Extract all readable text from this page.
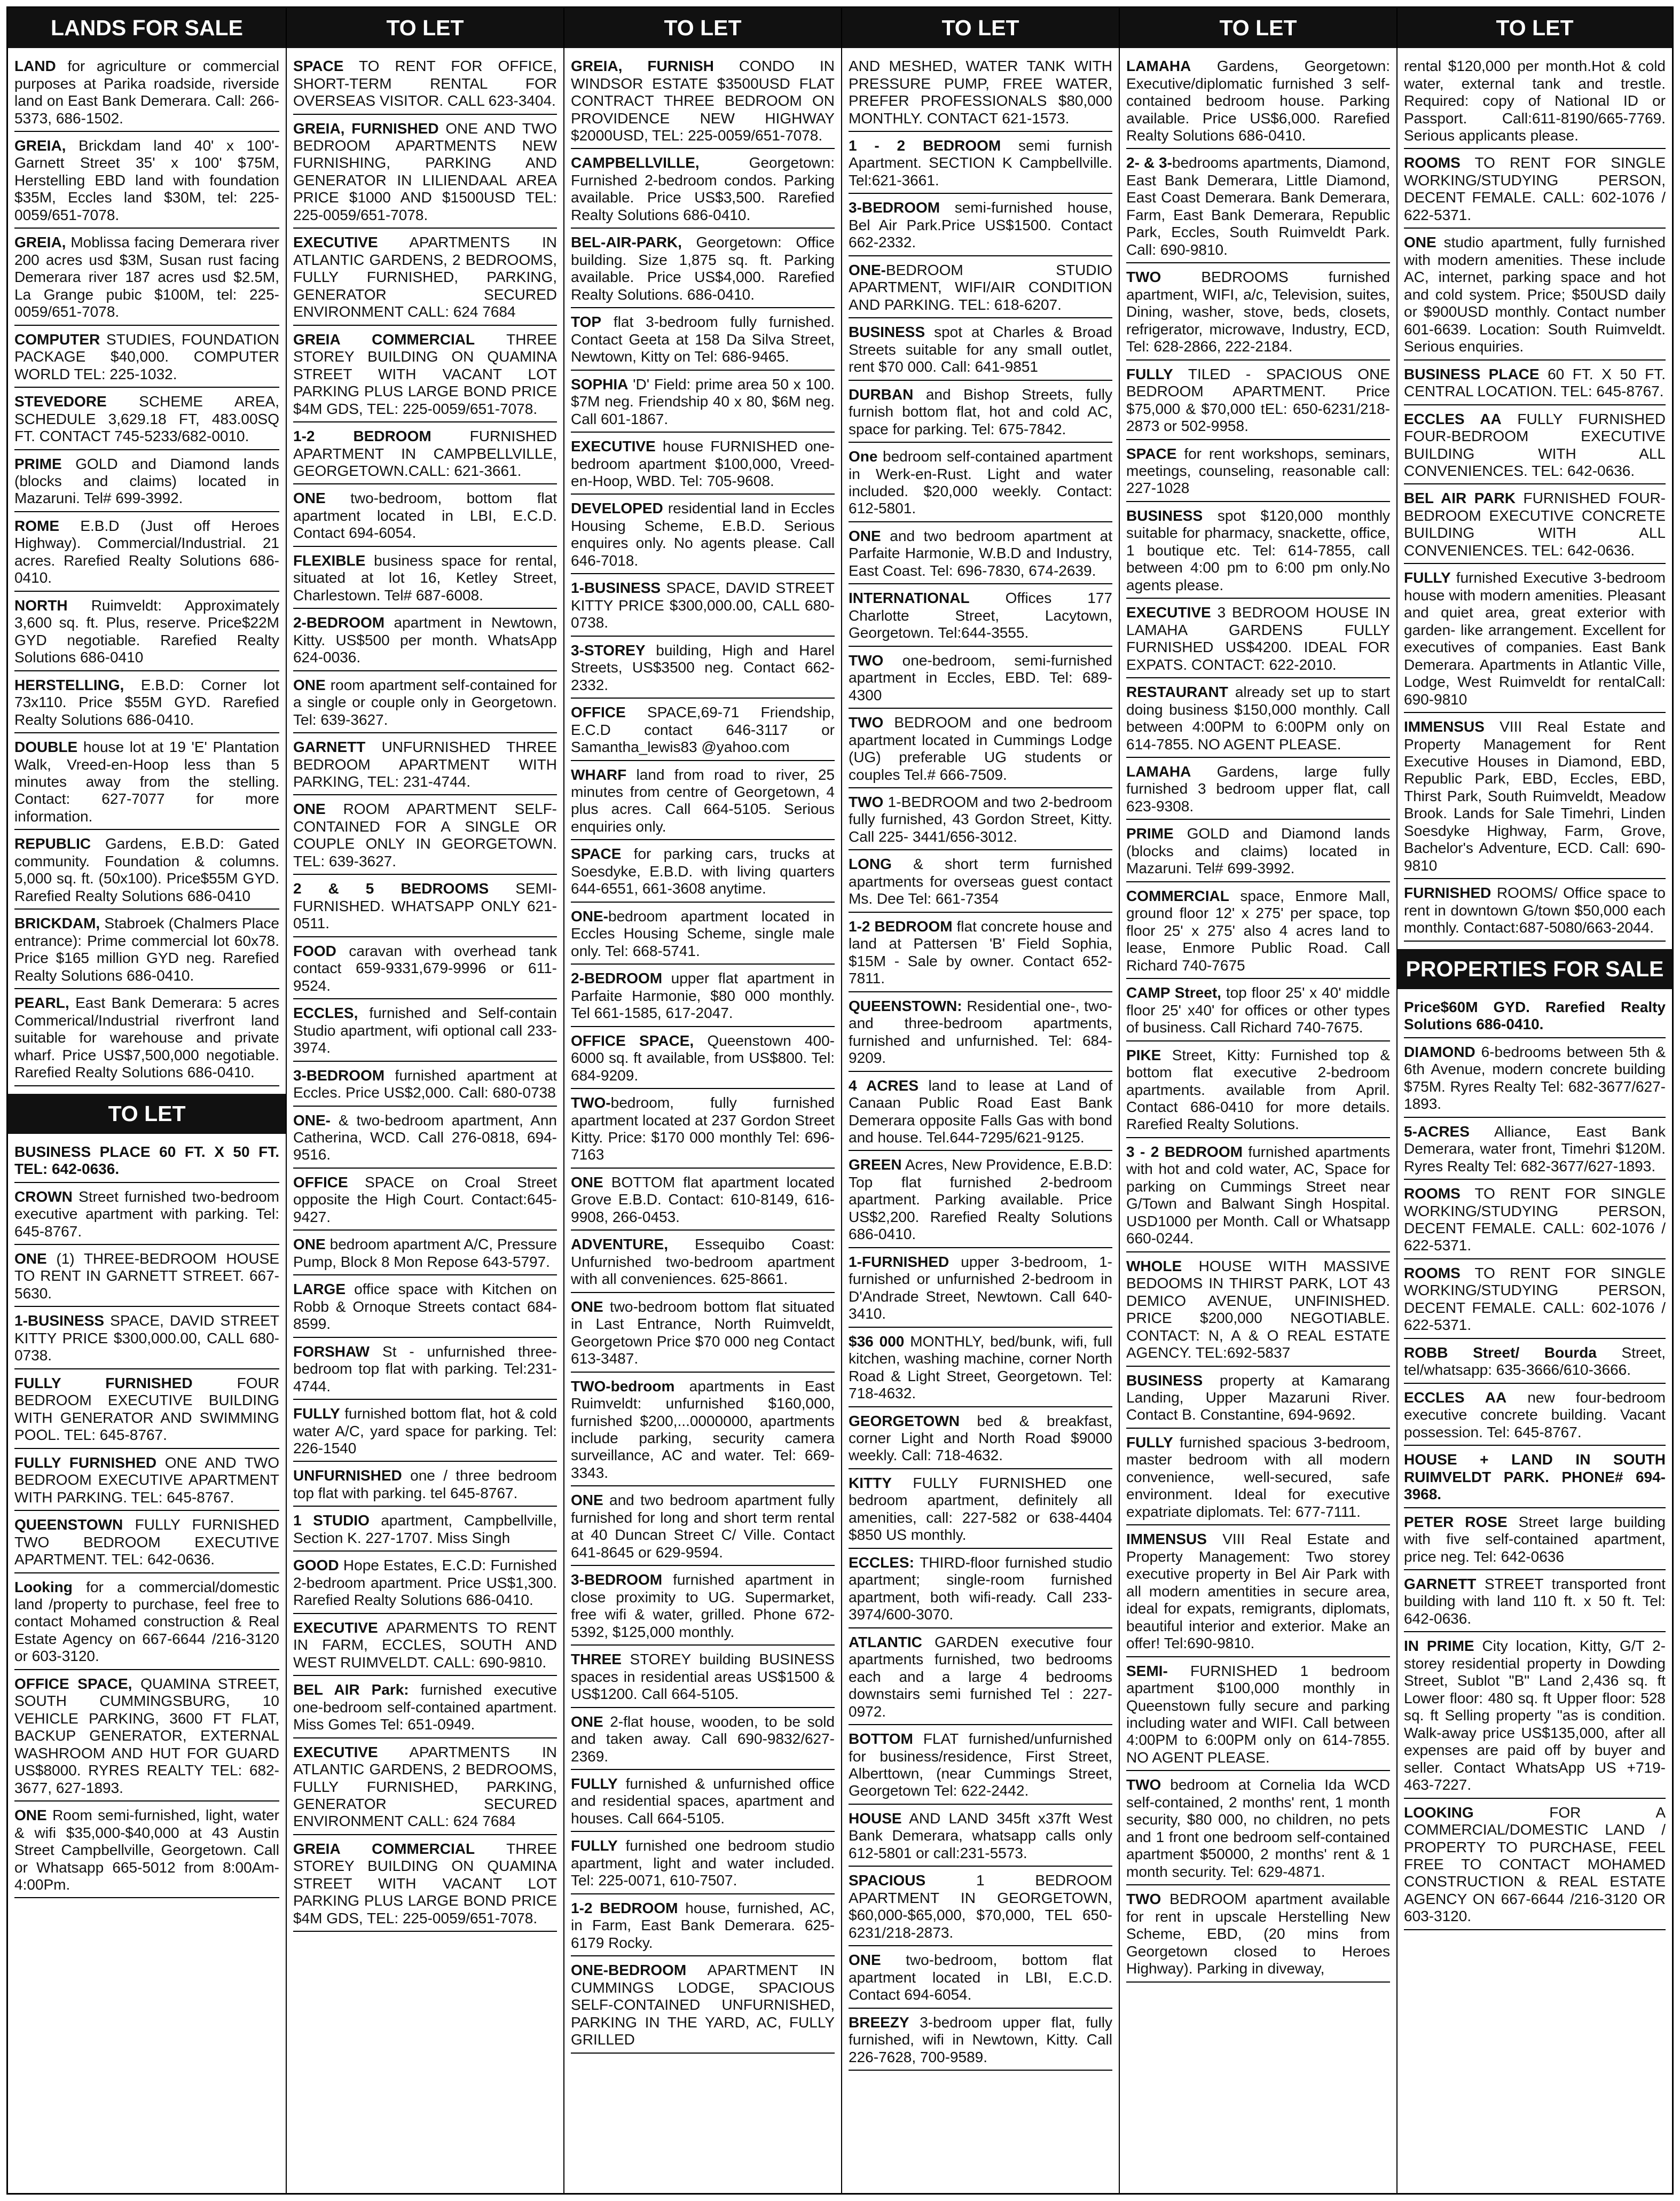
LANDS FOR SALE
LAND for agriculture or commercial purposes at Parika roadside, riverside land on East Bank Demerara. Call: 266-5373, 686-1502.
GREIA, Brickdam land 40' x 100'-Garnett Street 35' x 100' $75M, Herstelling EBD land with foundation $35M, Eccles land $30M, tel: 225-0059/651-7078.
GREIA, Moblissa facing Demerara river 200 acres usd $3M, Susan rust facing Demerara river 187 acres usd $2.5M, La Grange pubic $100M, tel: 225-0059/651-7078.
COMPUTER STUDIES, FOUNDATION PACKAGE $40,000. COMPUTER WORLD TEL: 225-1032.
STEVEDORE SCHEME AREA, SCHEDULE 3,629.18 FT, 483.00SQ FT. CONTACT 745-5233/682-0010.
PRIME GOLD and Diamond lands (blocks and claims) located in Mazaruni. Tel# 699-3992.
ROME E.B.D (Just off Heroes Highway). Commercial/Industrial. 21 acres. Rarefied Realty Solutions 686-0410.
NORTH Ruimveldt: Approximately 3,600 sq. ft. Plus, reserve. Price$22M GYD negotiable. Rarefied Realty Solutions 686-0410
HERSTELLING, E.B.D: Corner lot 73x110. Price $55M GYD. Rarefied Realty Solutions 686-0410.
DOUBLE house lot at 19 'E' Plantation Walk, Vreed-en-Hoop less than 5 minutes away from the stelling. Contact: 627-7077 for more information.
REPUBLIC Gardens, E.B.D: Gated community. Foundation & columns. 5,000 sq. ft. (50x100). Price$55M GYD. Rarefied Realty Solutions 686-0410
BRICKDAM, Stabroek (Chalmers Place entrance): Prime commercial lot 60x78. Price $165 million GYD neg. Rarefied Realty Solutions 686-0410.
PEARL, East Bank Demerara: 5 acres Commerical/Industrial riverfront land suitable for warehouse and private wharf. Price US$7,500,000 negotiable. Rarefied Realty Solutions 686-0410.
TO LET
BUSINESS PLACE 60 FT. X 50 FT. TEL: 642-0636.
CROWN Street furnished two-bedroom executive apartment with parking. Tel: 645-8767.
ONE (1) THREE-BEDROOM HOUSE TO RENT IN GARNETT STREET. 667-5630.
1-BUSINESS SPACE, DAVID STREET KITTY PRICE $300,000.00, CALL 680-0738.
FULLY FURNISHED FOUR BEDROOM EXECUTIVE BUILDING WITH GENERATOR AND SWIMMING POOL. TEL: 645-8767.
FULLY FURNISHED ONE AND TWO BEDROOM EXECUTIVE APARTMENT WITH PARKING. TEL: 645-8767.
QUEENSTOWN FULLY FURNISHED TWO BEDROOM EXECUTIVE APARTMENT. TEL: 642-0636.
Looking for a commercial/domestic land /property to purchase, feel free to contact Mohamed construction & Real Estate Agency on 667-6644 /216-3120 or 603-3120.
OFFICE SPACE, QUAMINA STREET, SOUTH CUMMINGSBURG, 10 VEHICLE PARKING, 3600 FT FLAT, BACKUP GENERATOR, EXTERNAL WASHROOM AND HUT FOR GUARD US$8000. RYRES REALTY TEL: 682-3677, 627-1893.
ONE Room semi-furnished, light, water & wifi $35,000-$40,000 at 43 Austin Street Campbellville, Georgetown. Call or Whatsapp 665-5012 from 8:00Am-4:00Pm.
TO LET
SPACE TO RENT FOR OFFICE, SHORT-TERM RENTAL FOR OVERSEAS VISITOR. CALL 623-3404.
GREIA, FURNISHED ONE AND TWO BEDROOM APARTMENTS NEW FURNISHING, PARKING AND GENERATOR IN LILIENDAAL AREA PRICE $1000 AND $1500USD TEL: 225-0059/651-7078.
EXECUTIVE APARTMENTS IN ATLANTIC GARDENS, 2 BEDROOMS, FULLY FURNISHED, PARKING, GENERATOR SECURED ENVIRONMENT CALL: 624 7684
GREIA COMMERCIAL THREE STOREY BUILDING ON QUAMINA STREET WITH VACANT LOT PARKING PLUS LARGE BOND PRICE $4M GDS, TEL: 225-0059/651-7078.
1-2 BEDROOM FURNISHED APARTMENT IN CAMPBELLVILLE, GEORGETOWN.CALL: 621-3661.
ONE two-bedroom, bottom flat apartment located in LBI, E.C.D. Contact 694-6054.
FLEXIBLE business space for rental, situated at lot 16, Ketley Street, Charlestown. Tel# 687-6008.
2-BEDROOM apartment in Newtown, Kitty. US$500 per month. WhatsApp 624-0036.
ONE room apartment self-contained for a single or couple only in Georgetown. Tel: 639-3627.
GARNETT UNFURNISHED THREE BEDROOM APARTMENT WITH PARKING, TEL: 231-4744.
ONE ROOM APARTMENT SELF-CONTAINED FOR A SINGLE OR COUPLE ONLY IN GEORGETOWN. TEL: 639-3627.
2 & 5 BEDROOMS SEMI-FURNISHED. WHATSAPP ONLY 621-0511.
FOOD caravan with overhead tank contact 659-9331,679-9996 or 611-9524.
ECCLES, furnished and Self-contain Studio apartment, wifi optional call 233-3974.
3-BEDROOM furnished apartment at Eccles. Price US$2,000. Call: 680-0738
ONE- & two-bedroom apartment, Ann Catherina, WCD. Call 276-0818, 694-9516.
OFFICE SPACE on Croal Street opposite the High Court. Contact:645-9427.
ONE bedroom apartment A/C, Pressure Pump, Block 8 Mon Repose 643-5797.
LARGE office space with Kitchen on Robb & Ornoque Streets contact 684-8599.
FORSHAW St - unfurnished three-bedroom top flat with parking. Tel:231-4744.
FULLY furnished bottom flat, hot & cold water A/C, yard space for parking. Tel: 226-1540
UNFURNISHED one / three bedroom top flat with parking. tel 645-8767.
1 STUDIO apartment, Campbellville, Section K. 227-1707. Miss Singh
GOOD Hope Estates, E.C.D: Furnished 2-bedroom apartment. Price US$1,300. Rarefied Realty Solutions 686-0410.
EXECUTIVE APARMENTS TO RENT IN FARM, ECCLES, SOUTH AND WEST RUIMVELDT. CALL: 690-9810.
BEL AIR Park: furnished executive one-bedroom self-contained apartment. Miss Gomes Tel: 651-0949.
EXECUTIVE APARTMENTS IN ATLANTIC GARDENS, 2 BEDROOMS, FULLY FURNISHED, PARKING, GENERATOR SECURED ENVIRONMENT CALL: 624 7684
GREIA COMMERCIAL THREE STOREY BUILDING ON QUAMINA STREET WITH VACANT LOT PARKING PLUS LARGE BOND PRICE $4M GDS, TEL: 225-0059/651-7078.
TO LET
GREIA, FURNISH CONDO IN WINDSOR ESTATE $3500USD FLAT CONTRACT THREE BEDROOM ON PROVIDENCE NEW HIGHWAY $2000USD, TEL: 225-0059/651-7078.
CAMPBELLVILLE, Georgetown: Furnished 2-bedroom condos. Parking available. Price US$3,500. Rarefied Realty Solutions 686-0410.
BEL-AIR-PARK, Georgetown: Office building. Size 1,875 sq. ft. Parking available. Price US$4,000. Rarefied Realty Solutions. 686-0410.
TOP flat 3-bedroom fully furnished. Contact Geeta at 158 Da Silva Street, Newtown, Kitty on Tel: 686-9465.
SOPHIA 'D' Field: prime area 50 x 100. $7M neg. Friendship 40 x 80, $6M neg. Call 601-1867.
EXECUTIVE house FURNISHED one-bedroom apartment $100,000, Vreed-en-Hoop, WBD. Tel: 705-9608.
DEVELOPED residential land in Eccles Housing Scheme, E.B.D. Serious enquires only. No agents please. Call 646-7018.
1-BUSINESS SPACE, DAVID STREET KITTY PRICE $300,000.00, CALL 680-0738.
3-STOREY building, High and Harel Streets, US$3500 neg. Contact 662-2332.
OFFICE SPACE,69-71 Friendship, E.C.D contact 646-3117 or Samantha_lewis83 @yahoo.com
WHARF land from road to river, 25 minutes from centre of Georgetown, 4 plus acres. Call 664-5105. Serious enquiries only.
SPACE for parking cars, trucks at Soesdyke, E.B.D. with living quarters 644-6551, 661-3608 anytime.
ONE-bedroom apartment located in Eccles Housing Scheme, single male only. Tel: 668-5741.
2-BEDROOM upper flat apartment in Parfaite Harmonie, $80 000 monthly. Tel 661-1585, 617-2047.
OFFICE SPACE, Queenstown 400-6000 sq. ft available, from US$800. Tel: 684-9209.
TWO-bedroom, fully furnished apartment located at 237 Gordon Street Kitty. Price: $170 000 monthly Tel: 696-7163
ONE BOTTOM flat apartment located Grove E.B.D. Contact: 610-8149, 616-9908, 266-0453.
ADVENTURE, Essequibo Coast: Unfurnished two-bedroom apartment with all conveniences. 625-8661.
ONE two-bedroom bottom flat situated in Last Entrance, North Ruimveldt, Georgetown Price $70 000 neg Contact 613-3487.
TWO-bedroom apartments in East Ruimveldt: unfurnished $160,000, furnished $200,...0000000, apartments include parking, security camera surveillance, AC and water. Tel: 669-3343.
ONE and two bedroom apartment fully furnished for long and short term rental at 40 Duncan Street C/ Ville. Contact 641-8645 or 629-9594.
3-BEDROOM furnished apartment in close proximity to UG. Supermarket, free wifi & water, grilled. Phone 672-5392, $125,000 monthly.
THREE STOREY building BUSINESS spaces in residential areas US$1500 & US$1200. Call 664-5105.
ONE 2-flat house, wooden, to be sold and taken away. Call 690-9832/627-2369.
FULLY furnished & unfurnished office and residential spaces, apartment and houses. Call 664-5105.
FULLY furnished one bedroom studio apartment, light and water included. Tel: 225-0071, 610-7507.
1-2 BEDROOM house, furnished, AC, in Farm, East Bank Demerara. 625-6179 Rocky.
ONE-BEDROOM APARTMENT IN CUMMINGS LODGE, SPACIOUS SELF-CONTAINED UNFURNISHED, PARKING IN THE YARD, AC, FULLY GRILLED
TO LET
AND MESHED, WATER TANK WITH PRESSURE PUMP, FREE WATER, PREFER PROFESSIONALS $80,000 MONTHLY. CONTACT 621-1573.
1 - 2 BEDROOM semi furnish Apartment. SECTION K Campbellville. Tel:621-3661.
3-BEDROOM semi-furnished house, Bel Air Park.Price US$1500. Contact 662-2332.
ONE-BEDROOM STUDIO APARTMENT, WIFI/AIR CONDITION AND PARKING. TEL: 618-6207.
BUSINESS spot at Charles & Broad Streets suitable for any small outlet, rent $70 000. Call: 641-9851
DURBAN and Bishop Streets, fully furnish bottom flat, hot and cold AC, space for parking. Tel: 675-7842.
One bedroom self-contained apartment in Werk-en-Rust. Light and water included. $20,000 weekly. Contact: 612-5801.
ONE and two bedroom apartment at Parfaite Harmonie, W.B.D and Industry, East Coast. Tel: 696-7830, 674-2639.
INTERNATIONAL Offices 177 Charlotte Street, Lacytown, Georgetown. Tel:644-3555.
TWO one-bedroom, semi-furnished apartment in Eccles, EBD. Tel: 689-4300
TWO BEDROOM and one bedroom apartment located in Cummings Lodge (UG) preferable UG students or couples Tel.# 666-7509.
TWO 1-BEDROOM and two 2-bedroom fully furnished, 43 Gordon Street, Kitty. Call 225- 3441/656-3012.
LONG & short term furnished apartments for overseas guest contact Ms. Dee Tel: 661-7354
1-2 BEDROOM flat concrete house and land at Pattersen 'B' Field Sophia, $15M - Sale by owner. Contact 652-7811.
QUEENSTOWN: Residential one-, two- and three-bedroom apartments, furnished and unfurnished. Tel: 684-9209.
4 ACRES land to lease at Land of Canaan Public Road East Bank Demerara opposite Falls Gas with bond and house. Tel.644-7295/621-9125.
GREEN Acres, New Providence, E.B.D: Top flat furnished 2-bedroom apartment. Parking available. Price US$2,200. Rarefied Realty Solutions 686-0410.
1-FURNISHED upper 3-bedroom, 1-furnished or unfurnished 2-bedroom in D'Andrade Street, Newtown. Call 640-3410.
$36 000 MONTHLY, bed/bunk, wifi, full kitchen, washing machine, corner North Road & Light Street, Georgetown. Tel: 718-4632.
GEORGETOWN bed & breakfast, corner Light and North Road $9000 weekly. Call: 718-4632.
KITTY FULLY FURNISHED one bedroom apartment, definitely all amenities, call: 227-582 or 638-4404 $850 US monthly.
ECCLES: THIRD-floor furnished studio apartment; single-room furnished apartment, both wifi-ready. Call 233-3974/600-3070.
ATLANTIC GARDEN executive four apartments furnished, two bedrooms each and a large 4 bedrooms downstairs semi furnished Tel : 227-0972.
BOTTOM FLAT furnished/unfurnished for business/residence, First Street, Alberttown, (near Cummings Street, Georgetown Tel: 622-2442.
HOUSE AND LAND 345ft x37ft West Bank Demerara, whatsapp calls only 612-5801 or call:231-5573.
SPACIOUS 1 BEDROOM APARTMENT IN GEORGETOWN, $60,000-$65,000, $70,000, TEL 650-6231/218-2873.
ONE two-bedroom, bottom flat apartment located in LBI, E.C.D. Contact 694-6054.
BREEZY 3-bedroom upper flat, fully furnished, wifi in Newtown, Kitty. Call 226-7628, 700-9589.
TO LET
LAMAHA Gardens, Georgetown: Executive/diplomatic furnished 3 self-contained bedroom house. Parking available. Price US$6,000. Rarefied Realty Solutions 686-0410.
2- & 3-bedrooms apartments, Diamond, East Bank Demerara, Little Diamond, East Coast Demerara. Bank Demerara, Farm, East Bank Demerara, Republic Park, Eccles, South Ruimveldt Park. Call: 690-9810.
TWO BEDROOMS furnished apartment, WIFI, a/c, Television, suites, Dining, washer, stove, beds, closets, refrigerator, microwave, Industry, ECD, Tel: 628-2866, 222-2184.
FULLY TILED - SPACIOUS ONE BEDROOM APARTMENT. Price $75,000 & $70,000 tEL: 650-6231/218-2873 or 502-9958.
SPACE for rent workshops, seminars, meetings, counseling, reasonable call: 227-1028
BUSINESS spot $120,000 monthly suitable for pharmacy, snackette, office, 1 boutique etc. Tel: 614-7855, call between 4:00 pm to 6:00 pm only.No agents please.
EXECUTIVE 3 BEDROOM HOUSE IN LAMAHA GARDENS FULLY FURNISHED US$4200. IDEAL FOR EXPATS. CONTACT: 622-2010.
RESTAURANT already set up to start doing business $150,000 monthly. Call between 4:00PM to 6:00PM only on 614-7855. NO AGENT PLEASE.
LAMAHA Gardens, large fully furnished 3 bedroom upper flat, call 623-9308.
PRIME GOLD and Diamond lands (blocks and claims) located in Mazaruni. Tel# 699-3992.
COMMERCIAL space, Enmore Mall, ground floor 12' x 275' per space, top floor 25' x 275' also 4 acres land to lease, Enmore Public Road. Call Richard 740-7675
CAMP Street, top floor 25' x 40' middle floor 25' x40' for offices or other types of business. Call Richard 740-7675.
PIKE Street, Kitty: Furnished top & bottom flat executive 2-bedroom apartments. available from April. Contact 686-0410 for more details. Rarefied Realty Solutions.
3 - 2 BEDROOM furnished apartments with hot and cold water, AC, Space for parking on Cummings Street near G/Town and Balwant Singh Hospital. USD1000 per Month. Call or Whatsapp 660-0244.
WHOLE HOUSE WITH MASSIVE BEDOOMS IN THIRST PARK, LOT 43 DEMICO AVENUE, UNFINISHED. PRICE $200,000 NEGOTIABLE. CONTACT: N, A & O REAL ESTATE AGENCY. TEL:692-5837
BUSINESS property at Kamarang Landing, Upper Mazaruni River. Contact B. Constantine, 694-9692.
FULLY furnished spacious 3-bedroom, master bedroom with all modern convenience, well-secured, safe environment. Ideal for executive expatriate diplomats. Tel: 677-7111.
IMMENSUS VIII Real Estate and Property Management: Two storey executive property in Bel Air Park with all modern amentities in secure area, ideal for expats, remigrants, diplomats, beautiful interior and exterior. Make an offer! Tel:690-9810.
SEMI- FURNISHED 1 bedroom apartment $100,000 monthly in Queenstown fully secure and parking including water and WIFI. Call between 4:00PM to 6:00PM only on 614-7855. NO AGENT PLEASE.
TWO bedroom at Cornelia Ida WCD self-contained, 2 months' rent, 1 month security, $80 000, no children, no pets and 1 front one bedroom self-contained apartment $50000, 2 months' rent & 1 month security. Tel: 629-4871.
TWO BEDROOM apartment available for rent in upscale Herstelling New Scheme, EBD, (20 mins from Georgetown closed to Heroes Highway). Parking in diveway,
TO LET
rental $120,000 per month.Hot & cold water, external tank and trestle. Required: copy of National ID or Passport. Call:611-8190/665-7769. Serious applicants please.
ROOMS TO RENT FOR SINGLE WORKING/STUDYING PERSON, DECENT FEMALE. CALL: 602-1076 / 622-5371.
ONE studio apartment, fully furnished with modern amenities. These include AC, internet, parking space and hot and cold system. Price; $50USD daily or $900USD monthly. Contact number 601-6639. Location: South Ruimveldt. Serious enquiries.
BUSINESS PLACE 60 FT. X 50 FT. CENTRAL LOCATION. TEL: 645-8767.
ECCLES AA FULLY FURNISHED FOUR-BEDROOM EXECUTIVE BUILDING WITH ALL CONVENIENCES. TEL: 642-0636.
BEL AIR PARK FURNISHED FOUR-BEDROOM EXECUTIVE CONCRETE BUILDING WITH ALL CONVENIENCES. TEL: 642-0636.
FULLY furnished Executive 3-bedroom house with modern amenities. Pleasant and quiet area, great exterior with garden- like arrangement. Excellent for executives of companies. East Bank Demerara. Apartments in Atlantic Ville, Lodge, West Ruimveldt for rentalCall: 690-9810
IMMENSUS VIII Real Estate and Property Management for Rent Executive Houses in Diamond, EBD, Republic Park, EBD, Eccles, EBD, Thirst Park, South Ruimveldt, Meadow Brook. Lands for Sale Timehri, Linden Soesdyke Highway, Farm, Grove, Bachelor's Adventure, ECD. Call: 690-9810
FURNISHED ROOMS/ Office space to rent in downtown G/town $50,000 each monthly. Contact:687-5080/663-2044.
PROPERTIES FOR SALE
Price$60M GYD. Rarefied Realty Solutions 686-0410.
DIAMOND 6-bedrooms between 5th & 6th Avenue, modern concrete building $75M. Ryres Realty Tel: 682-3677/627-1893.
5-ACRES Alliance, East Bank Demerara, water front, Timehri $120M. Ryres Realty Tel: 682-3677/627-1893.
ROOMS TO RENT FOR SINGLE WORKING/STUDYING PERSON, DECENT FEMALE. CALL: 602-1076 / 622-5371.
ROOMS TO RENT FOR SINGLE WORKING/STUDYING PERSON, DECENT FEMALE. CALL: 602-1076 / 622-5371.
ROBB Street/ Bourda Street, tel/whatsapp: 635-3666/610-3666.
ECCLES AA new four-bedroom executive concrete building. Vacant possession. Tel: 645-8767.
HOUSE + LAND IN SOUTH RUIMVELDT PARK. PHONE# 694-3968.
PETER ROSE Street large building with five self-contained apartment, price neg. Tel: 642-0636
GARNETT STREET transported front building with land 110 ft. x 50 ft. Tel: 642-0636.
IN PRIME City location, Kitty, G/T 2-storey residential property in Dowding Street, Sublot "B" Land 2,436 sq. ft Lower floor: 480 sq. ft Upper floor: 528 sq. ft Selling property "as is condition. Walk-away price US$135,000, after all expenses are paid off by buyer and seller. Contact WhatsApp US +719-463-7227.
LOOKING FOR A COMMERCIAL/DOMESTIC LAND / PROPERTY TO PURCHASE, FEEL FREE TO CONTACT MOHAMED CONSTRUCTION & REAL ESTATE AGENCY ON 667-6644 /216-3120 OR 603-3120.
